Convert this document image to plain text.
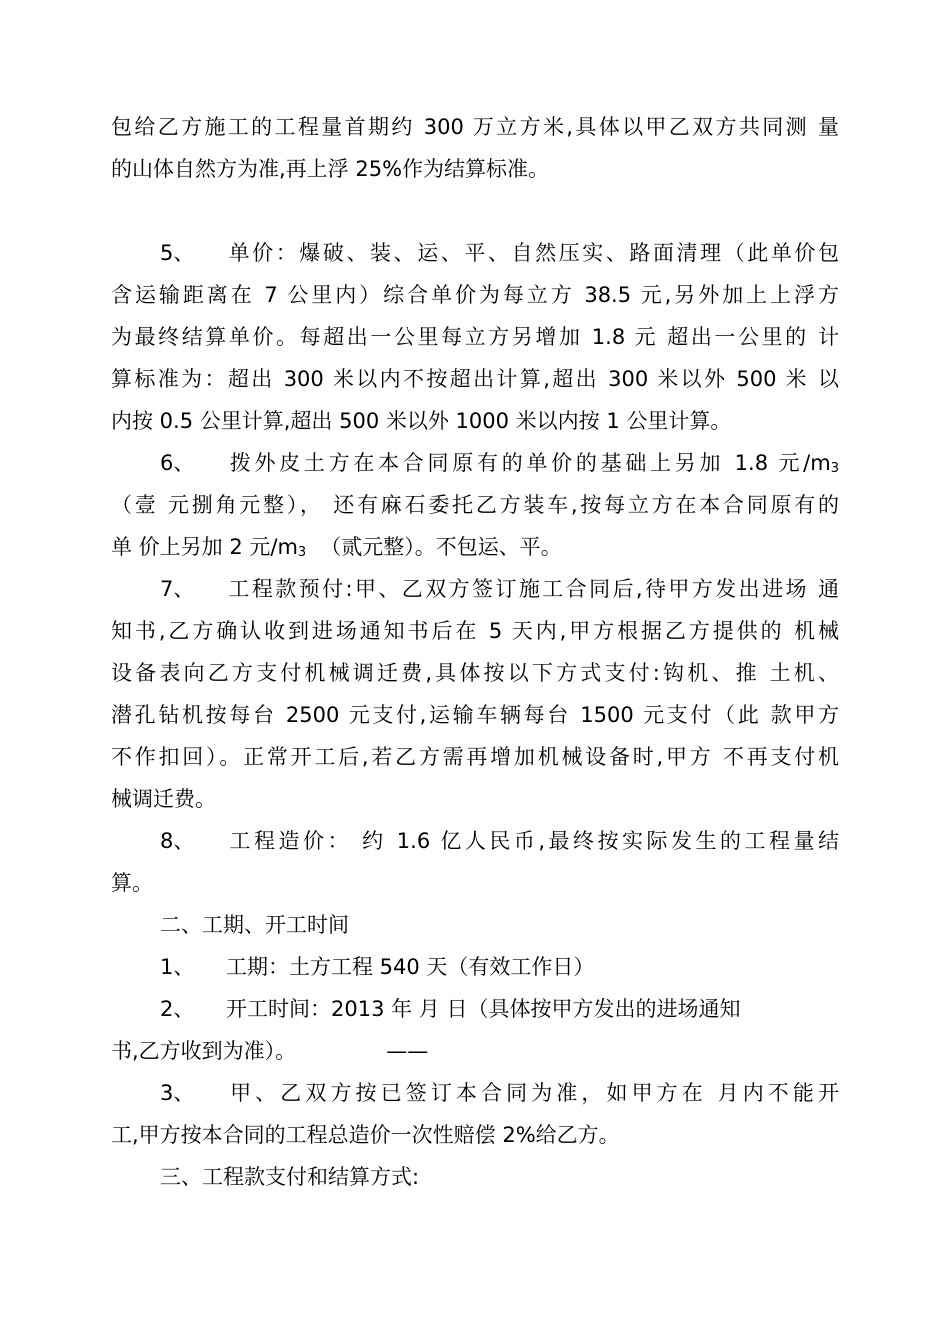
包给乙方施工的工程量首期约 300 万立方米,具体以甲乙双方共同测 量
的山体自然方为准,再上浮 25%作为结算标准。
5、 单价：爆破、装、运、平、自然压实、路面清理（此单价包
含运输距离在 7 公里内）综合单价为每立方 38.5 元,另外加上上浮方
为最终结算单价。每超出一公里每立方另增加 1.8 元 超出一公里的 计
算标准为：超出 300 米以内不按超出计算,超出 300 米以外 500 米 以
内按 0.5 公里计算,超出 500 米以外 1000 米以内按 1 公里计算。
6、 拨外皮土方在本合同原有的单价的基础上另加 1.8 元$/m_3$
（壹 元捌角元整）， 还有麻石委托乙方装车,按每立方在本合同原有的
单 价上另加 2 元$/m_3$ （贰元整）。不包运、平。
7、 工程款预付:甲、乙双方签订施工合同后,待甲方发出进场 通
知书,乙方确认收到进场通知书后在 5 天内,甲方根据乙方提供的 机械
设备表向乙方支付机械调迁费,具体按以下方式支付:钩机、推 土机、
潜孔钻机按每台 2500 元支付,运输车辆每台 1500 元支付（此 款甲方
不作扣回）。正常开工后,若乙方需再增加机械设备时,甲方 不再支付机
械调迁费。
8、 工程造价： 约 1.6 亿人民币,最终按实际发生的工程量结
算。
二、工期、开工时间
1、 工期：土方工程 540 天（有效工作日）
2、 开工时间：2013 年 月 日（具体按甲方发出的进场通知
书,乙方收到为准）。	——
3、 甲、乙双方按已签订本合同为准，如甲方在 月内不能开
工,甲方按本合同的工程总造价一次性赔偿 2%给乙方。
三、工程款支付和结算方式:
